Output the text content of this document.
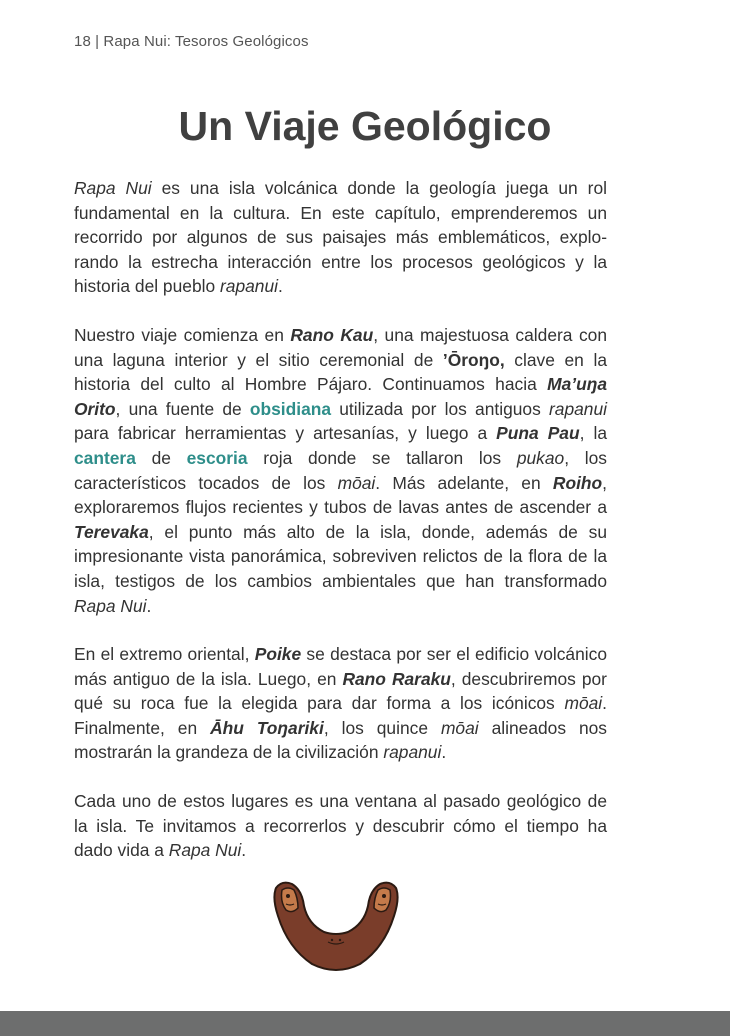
18 | Rapa Nui: Tesoros Geológicos
Un Viaje Geológico

Rapa Nui es una isla volcánica donde la geología juega un rol fundamental en la cultura. En este capítulo, emprenderemos un recorrido por algunos de sus paisajes más emblemáticos, explorando la estrecha interacción entre los procesos geológicos y la historia del pueblo rapanui.

Nuestro viaje comienza en Rano Kau, una majestuosa caldera con una laguna interior y el sitio ceremonial de ’Ōroŋo, clave en la historia del culto al Hombre Pájaro. Continuamos hacia Ma’uŋa Orito, una fuente de obsidiana utilizada por los antiguos rapanui para fabricar herramientas y artesanías, y luego a Puna Pau, la cantera de escoria roja donde se tallaron los pukao, los característicos tocados de los mōai. Más adelante, en Roiho, exploraremos flujos recientes y tubos de lavas antes de ascender a Terevaka, el punto más alto de la isla, donde, además de su impresionante vista panorámica, sobreviven relictos de la flora de la isla, testigos de los cambios ambientales que han transformado Rapa Nui.

En el extremo oriental, Poike se destaca por ser el edificio volcánico más antiguo de la isla. Luego, en Rano Raraku, descubriremos por qué su roca fue la elegida para dar forma a los icónicos mōai. Finalmente, en Āhu Toŋariki, los quince mōai alineados nos mostrarán la grandeza de la civilización rapanui.

Cada uno de estos lugares es una ventana al pasado geológico de la isla. Te invitamos a recorrerlos y descubrir cómo el tiempo ha dado vida a Rapa Nui.
